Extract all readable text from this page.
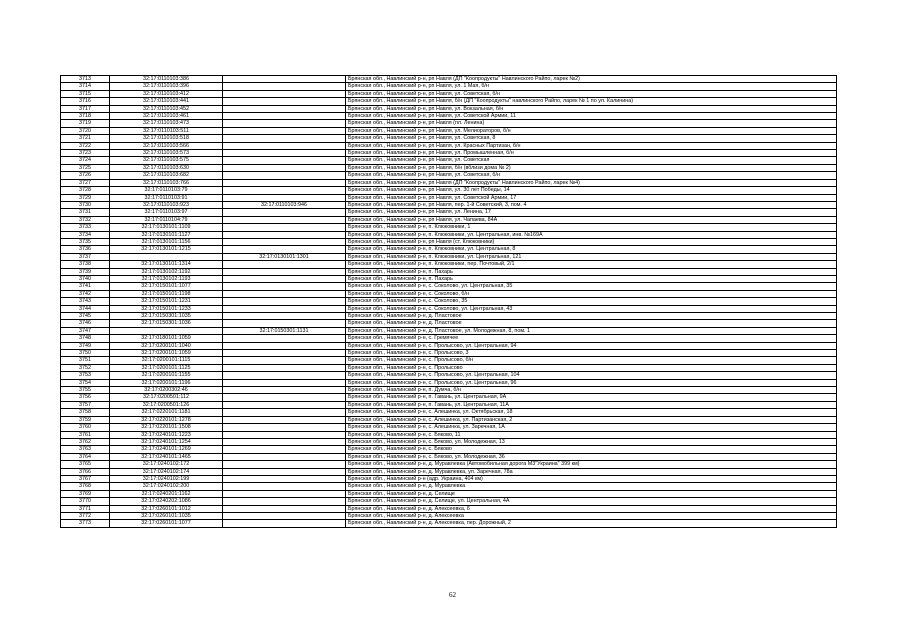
3713	32:17:0110103:386		Брянская обл., Навлинский р-н, рп Навля (ДП "Коопродукты" Навлинского Райпо, ларек №2)
3714	32:17:0110103:396		Брянская обл., Навлинский р-н, рп Навля, ул. 1 Мая, б/н
3715	32:17:0110103:412		Брянская обл., Навлинский р-н, рп Навля, ул. Советская, б/н
3716	32:17:0110103:441		Брянская обл., Навлинский р-н, рп Навля, б/н (ДП "Коопродукты" навлинского Райпо, ларек № 1 по ул. Калинина)
3717	32:17:0110103:452		Брянская обл., Навлинский р-н, рп Навля, ул. Вокзальная, б/н
3718	32:17:0110103:461		Брянская обл., Навлинский р-н, рп Навля, ул. Советской Армии, 11
3719	32:17:0110103:473		Брянская обл., Навлинский р-н, рп Навля (пл. Ленина)
3720	32:17:0110103:511		Брянская обл., Навлинский р-н, рп Навля, ул. Мелиораторов, б/н
3721	32:17:0110103:518		Брянская обл., Навлинский р-н, рп Навля, ул. Советская, 8
3722	32:17:0110103:566		Брянская обл., Навлинский р-н, рп Навля, ул. Красных Партизан, б/н
3723	32:17:0110103:573		Брянская обл., Навлинский р-н, рп Навля, ул. Промышленная, б/н
3724	32:17:0110103:575		Брянская обл., Навлинский р-н, рп Навля, ул. Советская
3725	32:17:0110103:630		Брянская обл., Навлинский р-н, рп Навля, б/н (вблизи дома № 2)
3726	32:17:0110103:682		Брянская обл., Навлинский р-н, рп Навля, ул. Советская, б/н
3727	32:17:0110103:766		Брянская обл., Навлинский р-н, рп Навля (ДП "Коопродукты" Навлинского Райпо, ларек №4)
3728	32:17:0110103:79		Брянская обл., Навлинский р-н, рп Навля, ул. 30 лет Победы, 14
3729	32:17:0110103:91		Брянская обл., Навлинский р-н, рп Навля, ул. Советской Армии, 17
3730	32:17:0110103:923	32:17:0110103:946	Брянская обл., Навлинский р-н, рп Навля, пер. 1-й Советский, 3, пом. 4
3731	32:17:0110103:97		Брянская обл., Навлинский р-н, рп Навля, ул. Ленина, 17
3732	32:17:0110104:79		Брянская обл., Навлинский р-н, рп Навля, ул. Чапаева, 84А
3733	32:17:0130101:1109		Брянская обл., Навлинский р-н, п. Клюковники, 1
3734	32:17:0130101:1127		Брянская обл., Навлинский р-н, п. Клюковники, ул. Центральная, инв. №169А
3735	32:17:0130101:1156		Брянская обл., Навлинский р-н, рп Навля (ст. Клюковники)
3736	32:17:0130101:1215		Брянская обл., Навлинский р-н, п. Клюковники, ул. Центральная, 8
3737		32:17:0130101:1301	Брянская обл., Навлинский р-н, п. Клюковники, ул. Центральная, 121
3738	32:17:0130101:1314		Брянская обл., Навлинский р-н, п. Клюковники, пер. Почтовый, 2/1
3739	32:17:0130102:1192		Брянская обл., Навлинский р-н, п. Пахарь
3740	32:17:0130102:1193		Брянская обл., Навлинский р-н, п. Пахарь
3741	32:17:0150101:1077		Брянская обл., Навлинский р-н, с. Соколово, ул. Центральная, 35
3742	32:17:0150101:1198		Брянская обл., Навлинский р-н, с. Соколово, б/н
3743	32:17:0150101:1231		Брянская обл., Навлинский р-н, с. Соколово, 35
3744	32:17:0150101:1233		Брянская обл., Навлинский р-н, с. Соколово, ул. Центральная, 43
3745	32:17:0150301:1035		Брянская обл., Навлинский р-н, д. Пластовое
3746	32:17:0150301:1036		Брянская обл., Навлинский р-н, д. Пластовое
3747		32:17:0150301:1131	Брянская обл., Навлинский р-н, д. Пластовое, ул. Молодежная, 8, пом. 1
3748	32:17:0180101:1059		Брянская обл., Навлинский р-н, с. Гремячее
3749	32:17:0200101:1040		Брянская обл., Навлинский р-н, с. Пролысово, ул. Центральная, 94
3750	32:17:0200101:1059		Брянская обл., Навлинский р-н, с. Пролысово, 3
3751	32:17:0200101:1115		Брянская обл., Навлинский р-н, с. Пролысово, б/н
3752	32:17:0200101:1125		Брянская обл., Навлинский р-н, с. Пролысово
3753	32:17:0200101:1155		Брянская обл., Навлинский р-н, с. Пролысово, ул. Центральная, 104
3754	32:17:0200101:1196		Брянская обл., Навлинский р-н, с. Пролысово, ул. Центральная, 96
3755	32:17:0200302:46		Брянская обл., Навлинский р-н, п. Думча, б/н
3756	32:17:0200501:112		Брянская обл., Навлинский р-н, п. Гавань, ул. Центральная, 9А
3757	32:17:0200501:126		Брянская обл., Навлинский р-н, п. Гавань, ул. Центральная, 11А
3758	32:17:0220101:1181		Брянская обл., Навлинский р-н, с. Алешинка, ул. Октябрьская, 18
3759	32:17:0220101:1278		Брянская обл., Навлинский р-н, с. Алешинка, ул. Партизанская, 2
3760	32:17:0220101:1508		Брянская обл., Навлинский р-н, с. Алешинка, ул. Заречная, 1А
3761	32:17:0240101:1223		Брянская обл., Навлинский р-н, с. Бяково, 11
3762	32:17:0240101:1254		Брянская обл., Навлинский р-н, с. Бяково, ул. Молодежная, 13
3763	32:17:0240101:1269		Брянская обл., Навлинский р-н, с. Бяково
3764	32:17:0240101:1465		Брянская обл., Навлинский р-н, с. Бяково, ул. Молодежная, 36
3765	32:17:0240102:172		Брянская обл., Навлинский р-н, д. Муравлевка (Автомобильная дорога М3"Украина" 399 км)
3766	32:17:0240102:174		Брянская обл., Навлинский р-н, д. Муравлевка, ул. Заречная, 78а
3767	32:17:0240102:199		Брянская обл., Навлинский р-н (адр. Украина, 404 км)
3768	32:17:0240102:200		Брянская обл., Навлинский р-н, д. Муравлевка
3769	32:17:0240201:1162		Брянская обл., Навлинский р-н, д. Селище
3770	32:17:0240202:1086		Брянская обл., Навлинский р-н, д. Селище, ул. Центральная, 4А
3771	32:17:0260101:1012		Брянская обл., Навлинский р-н, д. Алексеевка, 6
3772	32:17:0260101:1035		Брянская обл., Навлинский р-н, д. Алексеевка
3773	32:17:0260101:1077		Брянская обл., Навлинский р-н, д. Алексеевка, пер. Дорожный, 2
62
